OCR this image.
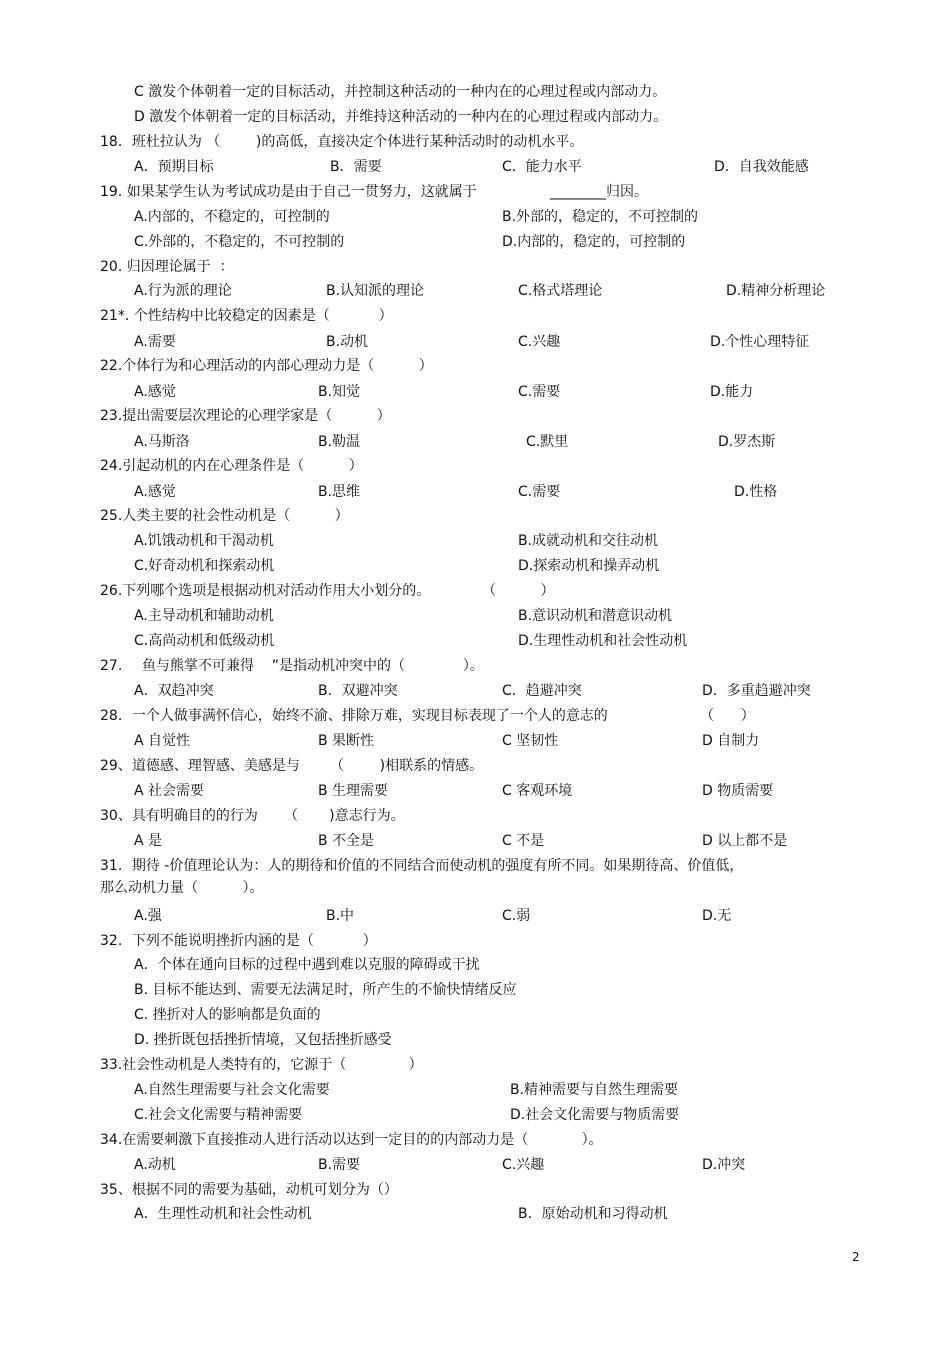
C 激发个体朝着一定的目标活动，并控制这种活动的一种内在的心理过程或内部动力。
D 激发个体朝着一定的目标活动，并维持这种活动的一种内在的心理过程或内部动力。
18．班杜拉认为 （        )的高低，直接决定个体进行某种活动时的动机水平。
A．预期目标	B．需要	C．能力水平	D．自我效能感
19. 如果某学生认为考试成功是由于自己一贯努力，这就属于	________归因。
A.内部的，不稳定的，可控制的	B.外部的，稳定的，不可控制的
C.外部的，不稳定的，不可控制的	D.内部的，稳定的，可控制的
20. 归因理论属于  ：
A.行为派的理论	B.认知派的理论	C.格式塔理论	D.精神分析理论
21*. 个性结构中比较稳定的因素是（           ）
A.需要	B.动机	C.兴趣	D.个性心理特征
22.个体行为和心理活动的内部心理动力是（          ）
A.感觉	B.知觉	C.需要	D.能力
23.提出需要层次理论的心理学家是（          ）
A.马斯洛	B.勒温	C.默里	D.罗杰斯
24.引起动机的内在心理条件是（          ）
A.感觉	B.思维	C.需要	D.性格
25.人类主要的社会性动机是（          ）
A.饥饿动机和干渴动机	B.成就动机和交往动机
C.好奇动机和探索动机	D.探索动机和操弄动机
26.下列哪个选项是根据动机对活动作用大小划分的。	（          ）
A.主导动机和辅助动机	B.意识动机和潜意识动机
C.高尚动机和低级动机	D.生理性动机和社会性动机
27. 鱼与熊掌不可兼得    ”是指动机冲突中的（             ）。
A．双趋冲突	B．双避冲突	C．趋避冲突	D．多重趋避冲突
28．一个人做事满怀信心，始终不渝、排除万难，实现目标表现了一个人的意志的	（      ）
A 自觉性	B 果断性	C 坚韧性	D 自制力
29、道德感、理智感、美感是与 （        )相联系的情感。
A 社会需要	B 生理需要	C 客观环境	D 物质需要
30、具有明确目的的行为 （       )意志行为。
A 是	B 不全是	C 不是	D 以上都不是
31．期待 -价值理论认为：人的期待和价值的不同结合而使动机的强度有所不同。如果期待高、价值低，
那么动机力量（          ）。
A.强	B.中	C.弱	D.无
32．下列不能说明挫折内涵的是（           ）
A．个体在通向目标的过程中遇到难以克服的障碍或干扰
B. 目标不能达到、需要无法满足时，所产生的不愉快情绪反应
C. 挫折对人的影响都是负面的
D. 挫折既包括挫折情境，又包括挫折感受
33.社会性动机是人类特有的，它源于（              ）
A.自然生理需要与社会文化需要	B.精神需要与自然生理需要
C.社会文化需要与精神需要	D.社会文化需要与物质需要
34.在需要刺激下直接推动人进行活动以达到一定目的的内部动力是（            ）。
A.动机	B.需要	C.兴趣	D.冲突
35、根据不同的需要为基础，动机可划分为（）
A．生理性动机和社会性动机	B．原始动机和习得动机
2
